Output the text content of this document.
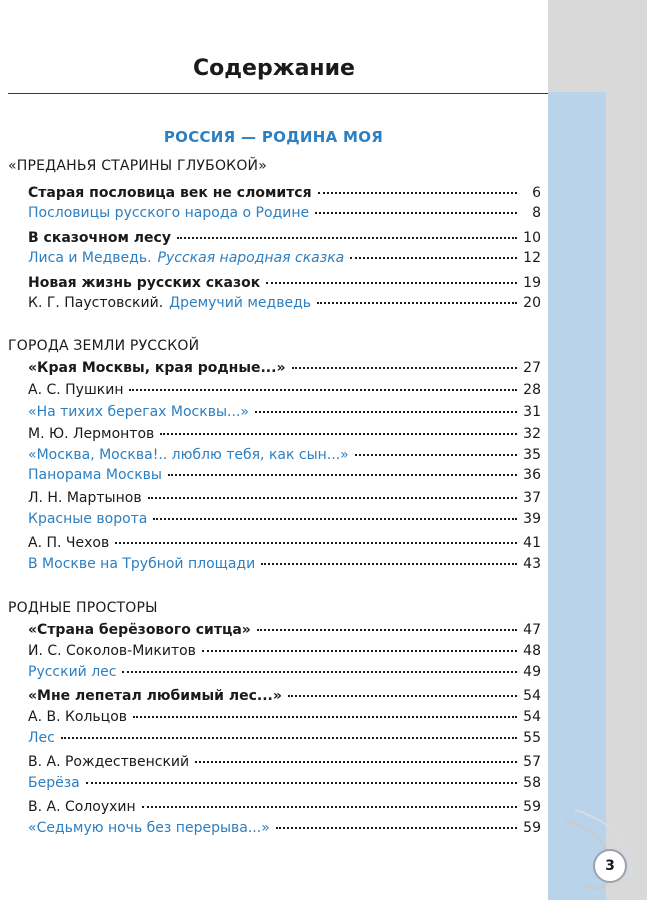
Содержание
РОССИЯ — РОДИНА МОЯ
«ПРЕДАНЬЯ СТАРИНЫ ГЛУБОКОЙ»
Старая пословица век не сломится	6
Пословицы русского народа о Родине	8
В сказочном лесу	10
Лиса и Медведь. Русская народная сказка	12
Новая жизнь русских сказок	19
К. Г. Паустовский. Дремучий медведь	20
ГОРОДА ЗЕМЛИ РУССКОЙ
«Края Москвы, края родные...»	27
А. С. Пушкин	28
«На тихих берегах Москвы...»	31
М. Ю. Лермонтов	32
«Москва, Москва!.. люблю тебя, как сын...»	35
Панорама Москвы	36
Л. Н. Мартынов	37
Красные ворота	39
А. П. Чехов	41
В Москве на Трубной площади	43
РОДНЫЕ ПРОСТОРЫ
«Страна берёзового ситца»	47
И. С. Соколов-Микитов	48
Русский лес	49
«Мне лепетал любимый лес...»	54
А. В. Кольцов	54
Лес	55
В. А. Рождественский	57
Берёза	58
В. А. Солоухин	59
«Седьмую ночь без перерыва...»	59
3
